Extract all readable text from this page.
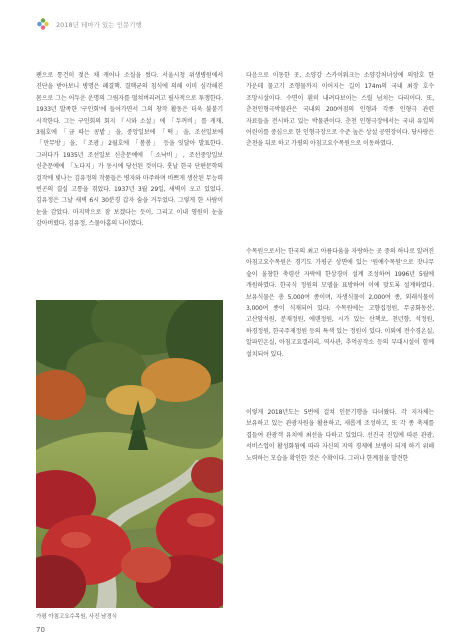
2018년 테마가 있는 인문기행

팬으로 통건히 젖은 채 캐어나 소실을 썼다. 서울시청 위생병원에서 진단을 받아보니 병명은 폐결핵. 결핵균의 침식에 의해 이미 심각해진 몸으로 그는 어두운 운명의 그림자를 떨쳐버리려고 필사적으로 투쟁한다. 1933년 발족한 '구인회'에 들어가면서 그의 창작 활동은 더욱 불붙기 시작한다. 그는 구인회의 회지 『시와 소설』에 「두꺼비」를 게재, 3월호에 「금 따는 콩밭」을, 중앙일보에 「떡」을, 조선일보에 「만무방」을, 『조광』2월호에 「봄봄」 등을 잇달아 발표한다. 그러다가 1935년 조선일보 신춘문예에 「소낙비」, 조선중앙일보 신춘문예에 「노다지」가 동시에 당선된 것이다. 훗날 한국 단편문학의 걸작에 빛나는 김유정의 작품들은 병자와 마주하며 바쁘게 생산된 무능력 빈곤의 결실 고통을 겪었다. 1937년 3월 29일, 새벽이 오고 있었다. 김유정은 그날 새벽 6시 30분경 갑자 숨을 거두었다. 그렇게 한 사람이 눈을 감았다. 마지막으로 잠 보겠다는 듯이, 그리고 이내 영원히 눈을 감아버렸다. 김유정, 스물아홉의 나이였다.

다음으로 이동한 곳, 소양강 스카이워크는 소양강처녀상에 의암호 한 가운데 물고기 조형물까지 이어지는 길이 174m의 국내 최장 호수 조망시설이다. 수면이 훤히 내려다보이는 스릴 넘치는 다리이다. 또, 춘천인형극박물관은 국내외 200여점의 인형과 각종 인형극 관련 자료들을 전시하고 있는 박물관이다. 춘천 인형극장에서는 국내 유일의 어린이를 중심으로 한 인형극장으로 수준 높은 상설 공연장이다. 당사랑은 춘천을 뒤로 하고 가평의 아침고요수목원으로 이동하였다.

수목원으로서는 한국의 최고 아름다움을 자랑하는 곳 중의 하나로 알려진 아침고요수목원은 경기도 가평군 상면에 있는 '원예수목원'으로 잣나무 숲이 울창한 축령산 자락에 한상경이 설계 조성하여 1996년 5월에 개원하였다. 한국식 정원의 모델을 표방하여 이에 맞도록 설계하였다. 보유식물은 총 5,000여 종이며, 자생식물이 2,000여 종, 외래식물이 3,000여 종이 식재되어 있다. 수목원에는 고향집정원, 무궁화동산, 고산암석원, 분재정원, 에덴정원, 시가 있는 산책로, 천년향, 석정원, 하경정원, 한국주제정원 등의 특색 있는 정원이 있다. 이외에 전수경온실, 알파인온실, 아침고요갤러리, 역사관, 추억공작소 등의 부대시설이 함께 설치되어 있다.
이렇게 2018년도는 5번에 걸쳐 인문기행을 다녀왔다. 각 지자체는 보유하고 있는 관광자원을 활용하고, 새롭게 조성하고, 또 각 종 축제를 겹들여 관광객 유치에 최선을 다하고 있었다. 선진국 진입에 따른 관광, 서비스업이 활성화됨에 따라 자신의 지역 경제에 보탬이 되게 하기 위해 노력하는 모습을 확인한 것은 수확이다. 그러나 한계점을 발견한
가평 아침고요수목원, 사진 남경식
70
